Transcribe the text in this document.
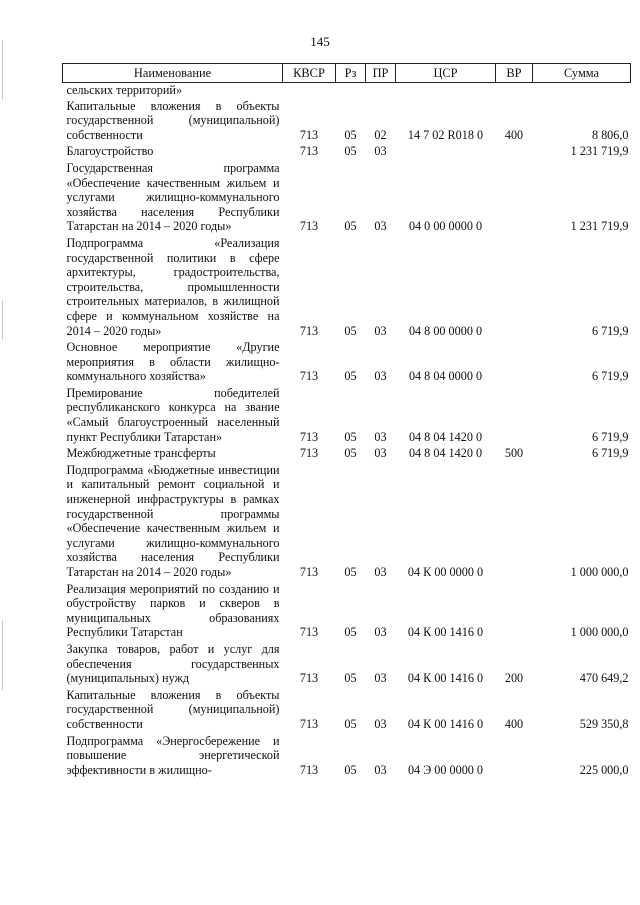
145
Наименование	КВСР	Рз	ПР	ЦСР	ВР	Сумма
сельских территорий»						
Капитальные вложения в объекты государственной (муниципальной) собственности	713	05	02	14 7 02 R018 0	400	8 806,0
Благоустройство	713	05	03			1 231 719,9
Государственная программа «Обеспечение качественным жильем и услугами жилищно-коммунального хозяйства населения Республики Татарстан на 2014 – 2020 годы»	713	05	03	04 0 00 0000 0		1 231 719,9
Подпрограмма «Реализация государственной политики в сфере архитектуры, градостроительства, строительства, промышленности строительных материалов, в жилищной сфере и коммунальном хозяйстве на 2014 – 2020 годы»	713	05	03	04 8 00 0000 0		6 719,9
Основное мероприятие «Другие мероприятия в области жилищно-коммунального хозяйства»	713	05	03	04 8 04 0000 0		6 719,9
Премирование победителей республиканского конкурса на звание «Самый благоустроенный населенный пункт Республики Татарстан»	713	05	03	04 8 04 1420 0		6 719,9
Межбюджетные трансферты	713	05	03	04 8 04 1420 0	500	6 719,9
Подпрограмма «Бюджетные инвестиции и капитальный ремонт социальной и инженерной инфраструктуры в рамках государственной программы «Обеспечение качественным жильем и услугами жилищно-коммунального хозяйства населения Республики Татарстан на 2014 – 2020 годы»	713	05	03	04 К 00 0000 0		1 000 000,0
Реализация мероприятий по созданию и обустройству парков и скверов в муниципальных образованиях Республики Татарстан	713	05	03	04 К 00 1416 0		1 000 000,0
Закупка товаров, работ и услуг для обеспечения государственных (муниципальных) нужд	713	05	03	04 К 00 1416 0	200	470 649,2
Капитальные вложения в объекты государственной (муниципальной) собственности	713	05	03	04 К 00 1416 0	400	529 350,8
Подпрограмма «Энергосбережение и повышение энергетической эффективности в жилищно-	713	05	03	04 Э 00 0000 0		225 000,0
